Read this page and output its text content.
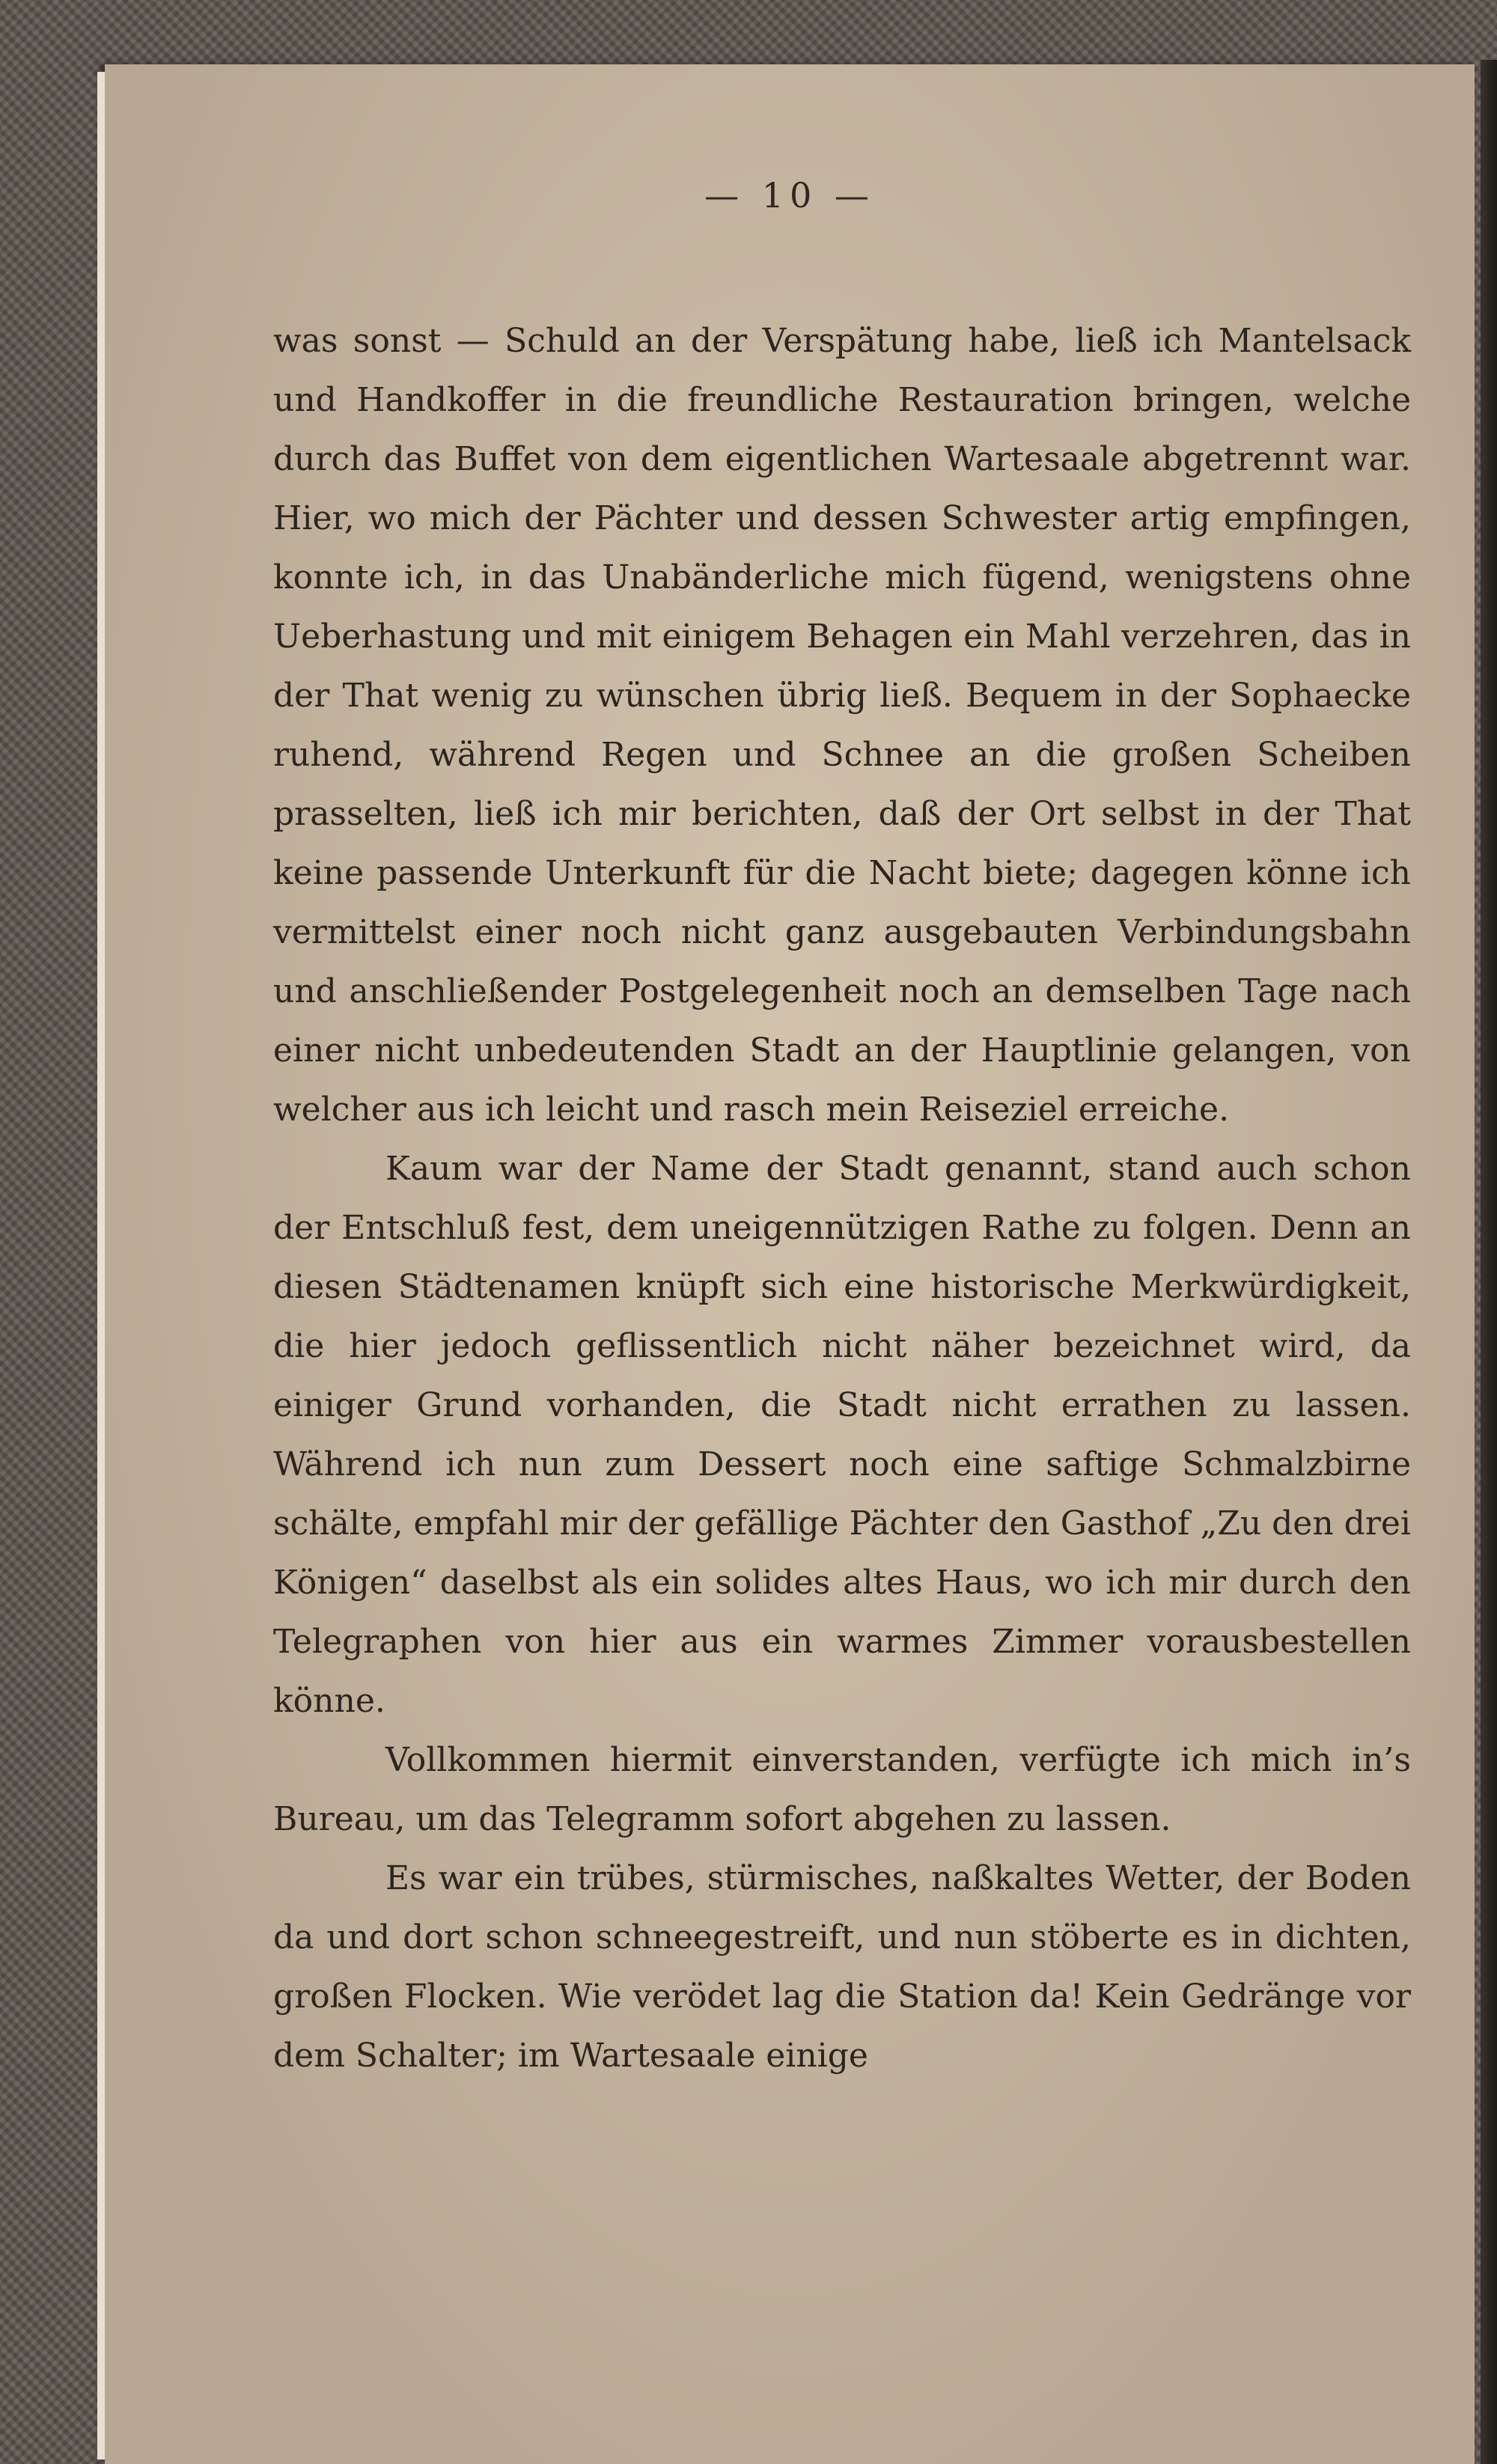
— 10 —

was sonst — Schuld an der Verspätung habe, ließ ich Mantelsack und Handkoffer in die freundliche Restauration bringen, welche durch das Buffet von dem eigentlichen Wartesaale abgetrennt war. Hier, wo mich der Pächter und dessen Schwester artig empfingen, konnte ich, in das Unabänderliche mich fügend, wenigstens ohne Ueberhastung und mit einigem Behagen ein Mahl verzehren, das in der That wenig zu wünschen übrig ließ. Bequem in der Sophaecke ruhend, während Regen und Schnee an die großen Scheiben prasselten, ließ ich mir berichten, daß der Ort selbst in der That keine passende Unterkunft für die Nacht biete; dagegen könne ich vermittelst einer noch nicht ganz ausgebauten Verbindungsbahn und anschließender Postgelegenheit noch an demselben Tage nach einer nicht unbedeutenden Stadt an der Hauptlinie gelangen, von welcher aus ich leicht und rasch mein Reiseziel erreiche.

Kaum war der Name der Stadt genannt, stand auch schon der Entschluß fest, dem uneigennützigen Rathe zu folgen. Denn an diesen Städtenamen knüpft sich eine historische Merkwürdigkeit, die hier jedoch geflissentlich nicht näher bezeichnet wird, da einiger Grund vorhanden, die Stadt nicht errathen zu lassen. Während ich nun zum Dessert noch eine saftige Schmalzbirne schälte, empfahl mir der gefällige Pächter den Gasthof „Zu den drei Königen“ daselbst als ein solides altes Haus, wo ich mir durch den Telegraphen von hier aus ein warmes Zimmer vorausbestellen könne.

Vollkommen hiermit einverstanden, verfügte ich mich in’s Bureau, um das Telegramm sofort abgehen zu lassen.

Es war ein trübes, stürmisches, naßkaltes Wetter, der Boden da und dort schon schneegestreift, und nun stöberte es in dichten, großen Flocken. Wie verödet lag die Station da! Kein Gedränge vor dem Schalter; im Wartesaale einige
